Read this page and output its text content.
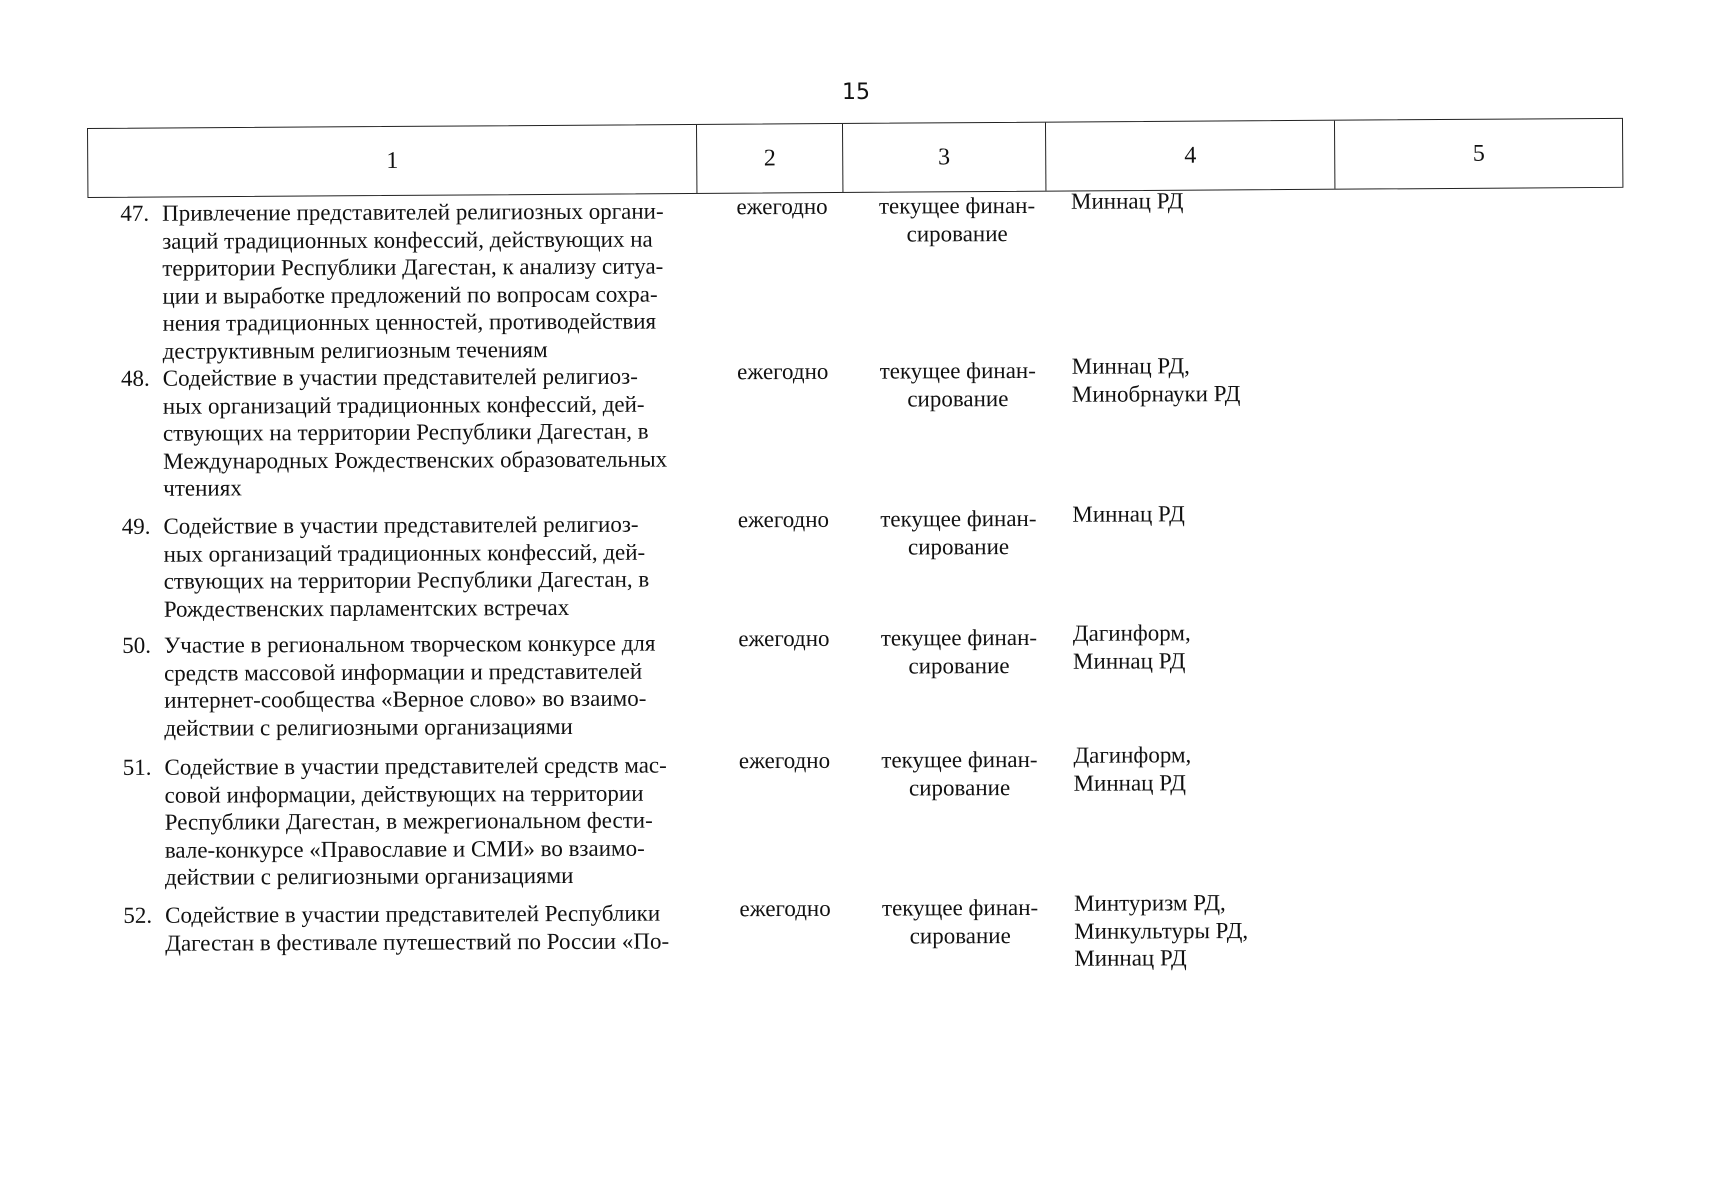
15
1	2	3	4	5
47. Привлечение представителей религиозных органи-
заций традиционных конфессий, действующих на
территории Республики Дагестан, к анализу ситуа-
ции и выработке предложений по вопросам сохра-
нения традиционных ценностей, противодействия
деструктивным религиозным течениям
ежегодно	текущее финан-
сирование
Миннац РД
48. Содействие в участии представителей религиоз-
ных организаций традиционных конфессий, дей-
ствующих на территории Республики Дагестан, в
Международных Рождественских образовательных
чтениях
ежегодно	текущее финан-
сирование
Миннац РД,
Минобрнауки РД
49. Содействие в участии представителей религиоз-
ных организаций традиционных конфессий, дей-
ствующих на территории Республики Дагестан, в
Рождественских парламентских встречах
ежегодно	текущее финан-
сирование
Миннац РД
50. Участие в региональном творческом конкурсе для
средств массовой информации и представителей
интернет-сообщества «Верное слово» во взаимо-
действии с религиозными организациями
ежегодно	текущее финан-
сирование
Дагинформ,
Миннац РД
51. Содействие в участии представителей средств мас-
совой информации, действующих на территории
Республики Дагестан, в межрегиональном фести-
вале-конкурсе «Православие и СМИ» во взаимо-
действии с религиозными организациями
ежегодно	текущее финан-
сирование
Дагинформ,
Миннац РД
52. Содействие в участии представителей Республики
Дагестан в фестивале путешествий по России «По-
ежегодно	текущее финан-
сирование
Минтуризм РД,
Минкультуры РД,
Миннац РД
